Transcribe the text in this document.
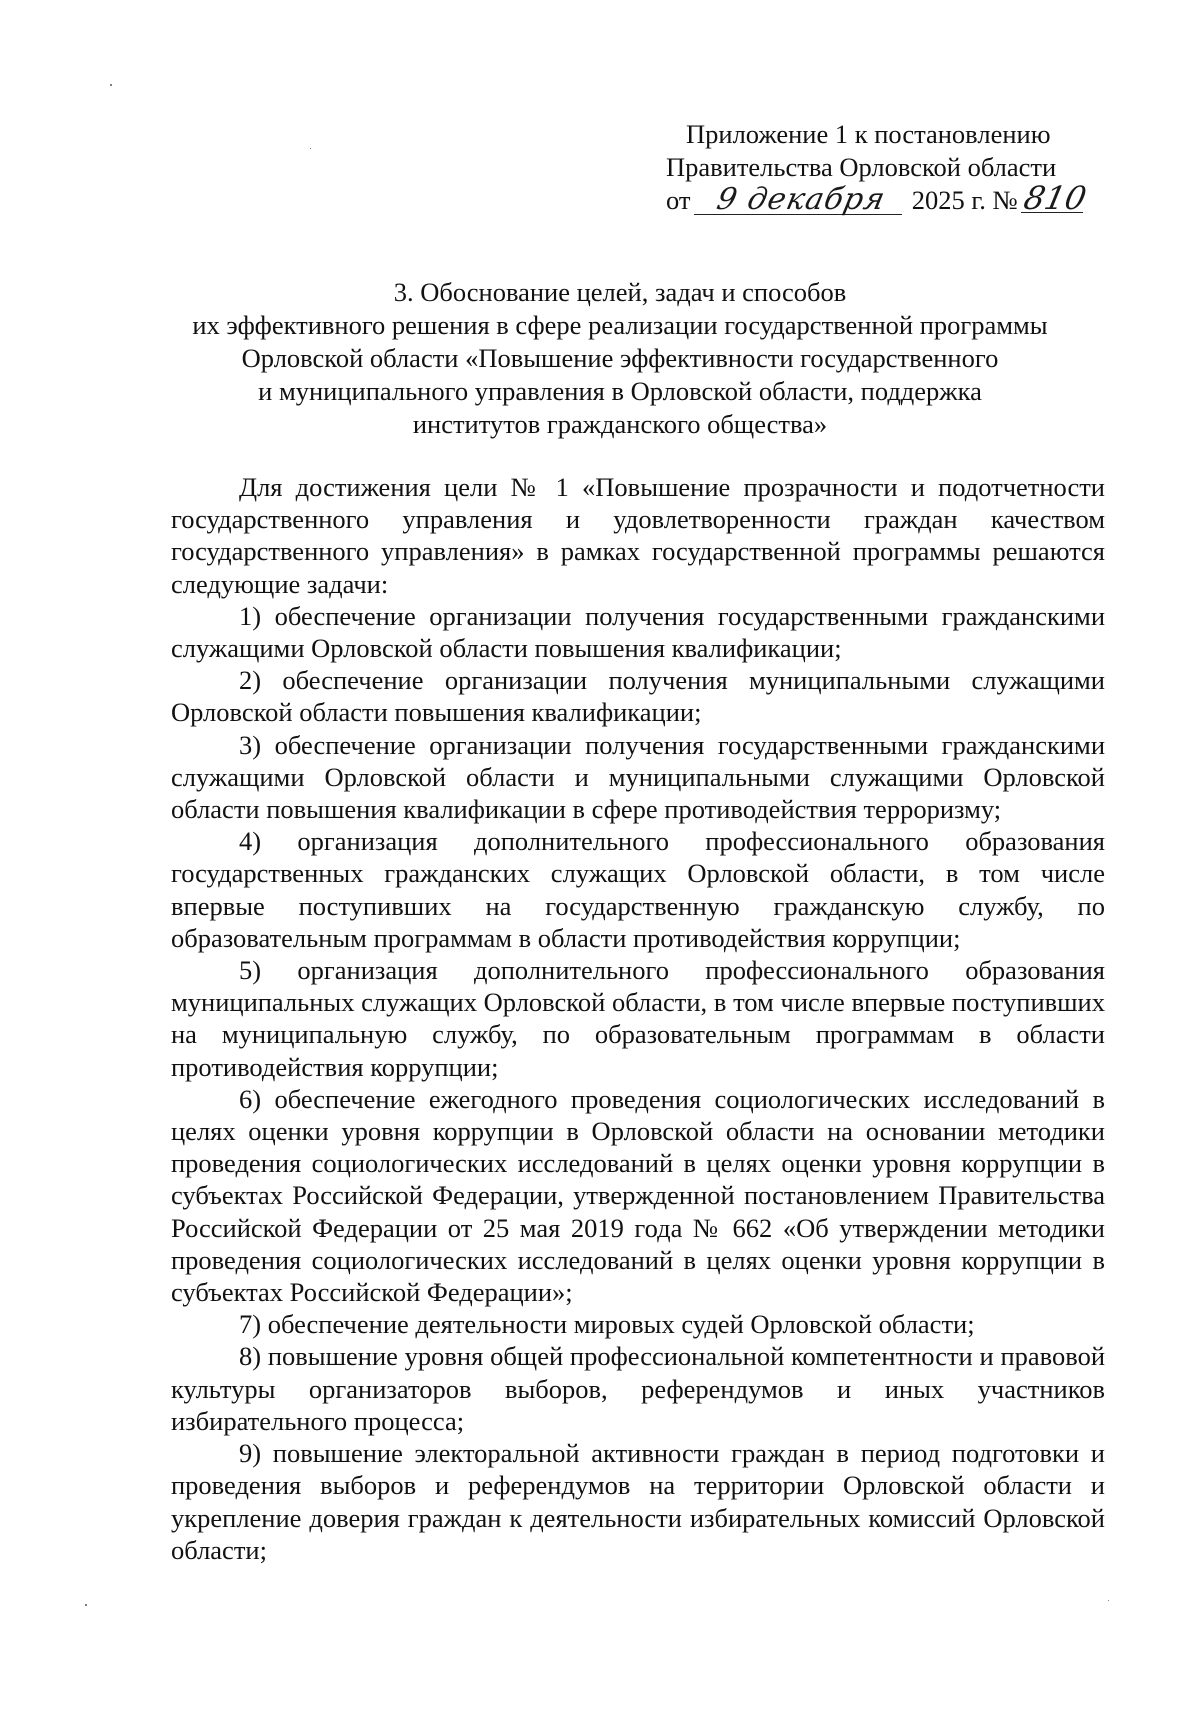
Приложение 1 к постановлению
Правительства Орловской области
от 9 декабря 2025 г. № 810
3. Обоснование целей, задач и способов
их эффективного решения в сфере реализации государственной программы
Орловской области «Повышение эффективности государственного
и муниципального управления в Орловской области, поддержка
институтов гражданского общества»

Для достижения цели № 1 «Повышение прозрачности и подотчетности государственного управления и удовлетворенности граждан качеством государственного управления» в рамках государственной программы решаются следующие задачи:

1) обеспечение организации получения государственными гражданскими служащими Орловской области повышения квалификации;

2) обеспечение организации получения муниципальными служащими Орловской области повышения квалификации;

3) обеспечение организации получения государственными гражданскими служащими Орловской области и муниципальными служащими Орловской области повышения квалификации в сфере противодействия терроризму;

4) организация дополнительного профессионального образования государственных гражданских служащих Орловской области, в том числе впервые поступивших на государственную гражданскую службу, по образовательным программам в области противодействия коррупции;

5) организация дополнительного профессионального образования муниципальных служащих Орловской области, в том числе впервые поступивших на муниципальную службу, по образовательным программам в области противодействия коррупции;

6) обеспечение ежегодного проведения социологических исследований в целях оценки уровня коррупции в Орловской области на основании методики проведения социологических исследований в целях оценки уровня коррупции в субъектах Российской Федерации, утвержденной постановлением Правительства Российской Федерации от 25 мая 2019 года № 662 «Об утверждении методики проведения социологических исследований в целях оценки уровня коррупции в субъектах Российской Федерации»;

7) обеспечение деятельности мировых судей Орловской области;

8) повышение уровня общей профессиональной компетентности и правовой культуры организаторов выборов, референдумов и иных участников избирательного процесса;

9) повышение электоральной активности граждан в период подготовки и проведения выборов и референдумов на территории Орловской области и укрепление доверия граждан к деятельности избирательных комиссий Орловской области;
